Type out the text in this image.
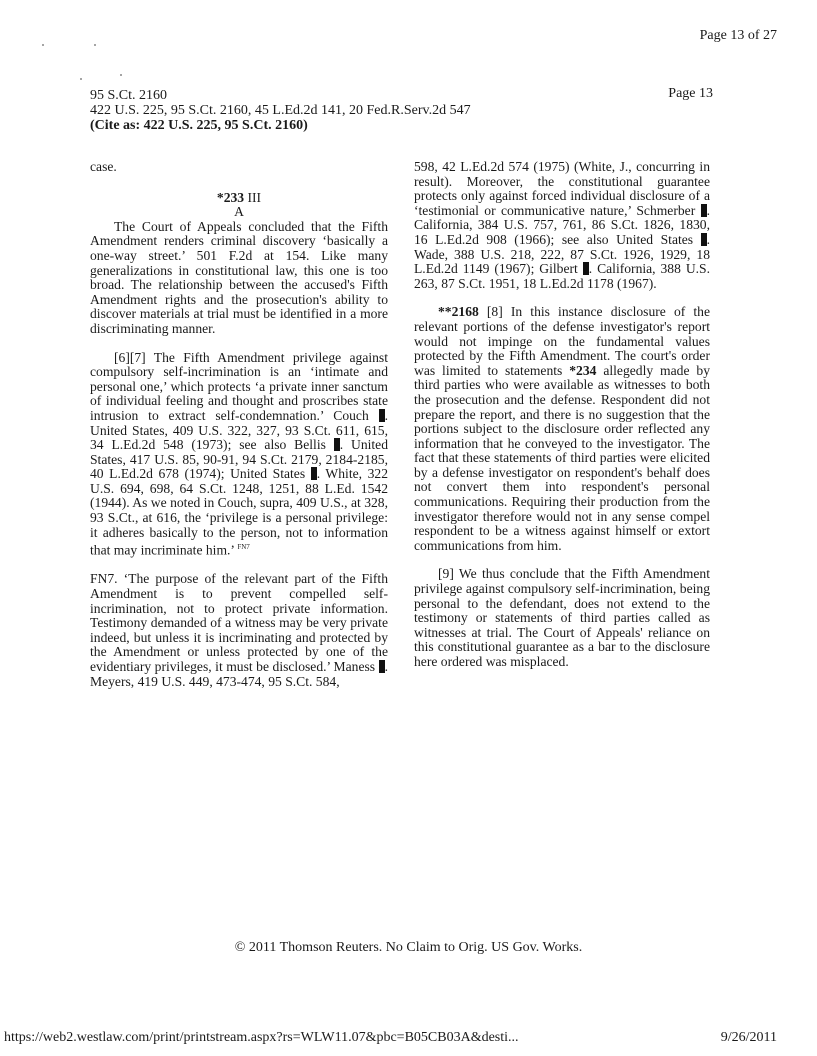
Page 13 of 27
95 S.Ct. 2160
422 U.S. 225, 95 S.Ct. 2160, 45 L.Ed.2d 141, 20 Fed.R.Serv.2d 547
(Cite as: 422 U.S. 225, 95 S.Ct. 2160)
Page 13

case.

*233 III

A

The Court of Appeals concluded that the Fifth Amendment renders criminal discovery ‘basically a one-way street.’ 501 F.2d at 154. Like many generalizations in constitutional law, this one is too broad. The relationship between the accused's Fifth Amendment rights and the prosecution's ability to discover materials at trial must be identified in a more discriminating manner.

[6][7] The Fifth Amendment privilege against compulsory self-incrimination is an ‘intimate and personal one,’ which protects ‘a private inner sanctum of individual feeling and thought and proscribes state intrusion to extract self-condemnation.’ Couch . United States, 409 U.S. 322, 327, 93 S.Ct. 611, 615, 34 L.Ed.2d 548 (1973); see also Bellis . United States, 417 U.S. 85, 90-91, 94 S.Ct. 2179, 2184-2185, 40 L.Ed.2d 678 (1974); United States . White, 322 U.S. 694, 698, 64 S.Ct. 1248, 1251, 88 L.Ed. 1542 (1944). As we noted in Couch, supra, 409 U.S., at 328, 93 S.Ct., at 616, the ‘privilege is a personal privilege: it adheres basically to the person, not to information that may incriminate him.’ $^{FN7}$

FN7. ‘The purpose of the relevant part of the Fifth Amendment is to prevent compelled self-incrimination, not to protect private information. Testimony demanded of a witness may be very private indeed, but unless it is incriminating and protected by the Amendment or unless protected by one of the evidentiary privileges, it must be disclosed.’ Maness . Meyers, 419 U.S. 449, 473-474, 95 S.Ct. 584,

598, 42 L.Ed.2d 574 (1975) (White, J., concurring in result). Moreover, the constitutional guarantee protects only against forced individual disclosure of a ‘testimonial or communicative nature,’ Schmerber . California, 384 U.S. 757, 761, 86 S.Ct. 1826, 1830, 16 L.Ed.2d 908 (1966); see also United States . Wade, 388 U.S. 218, 222, 87 S.Ct. 1926, 1929, 18 L.Ed.2d 1149 (1967); Gilbert . California, 388 U.S. 263, 87 S.Ct. 1951, 18 L.Ed.2d 1178 (1967).

**2168 [8] In this instance disclosure of the relevant portions of the defense investigator's report would not impinge on the fundamental values protected by the Fifth Amendment. The court's order was limited to statements *234 allegedly made by third parties who were available as witnesses to both the prosecution and the defense. Respondent did not prepare the report, and there is no suggestion that the portions subject to the disclosure order reflected any information that he conveyed to the investigator. The fact that these statements of third parties were elicited by a defense investigator on respondent's behalf does not convert them into respondent's personal communications. Requiring their production from the investigator therefore would not in any sense compel respondent to be a witness against himself or extort communications from him.

[9] We thus conclude that the Fifth Amendment privilege against compulsory self-incrimination, being personal to the defendant, does not extend to the testimony or statements of third parties called as witnesses at trial. The Court of Appeals' reliance on this constitutional guarantee as a bar to the disclosure here ordered was misplaced.

© 2011 Thomson Reuters. No Claim to Orig. US Gov. Works.
https://web2.westlaw.com/print/printstream.aspx?rs=WLW11.07&pbc=B05CB03A&desti...	9/26/2011
